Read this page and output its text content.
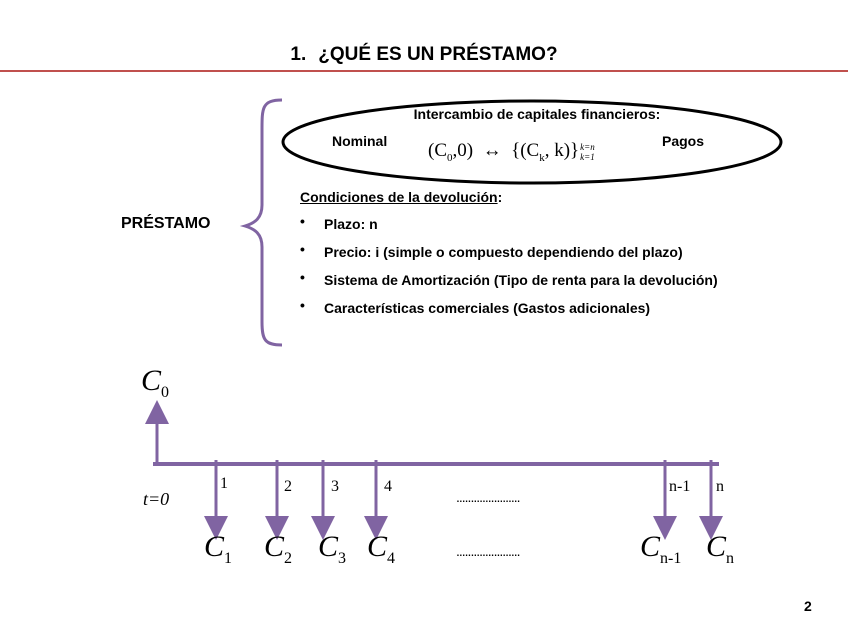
1. ¿QUÉ ES UN PRÉSTAMO?
PRÉSTAMO
Intercambio de capitales financieros:
Nominal	Pagos
$(C_0,0)$ ↔ {($C_k$, k)}k=n
k=1
Condiciones de la devolución:
• Plazo: n
• Precio: i (simple o compuesto dependiendo del plazo)
• Sistema de Amortización (Tipo de renta para la devolución)
• Características comerciales (Gastos adicionales)
$C_0$
t=0
1	2 3	4	n-1 n
......................
......................
$C_1$ $C_2$ $C_3$ $C_4$	$C_{n-1}$ $C_n$
2
